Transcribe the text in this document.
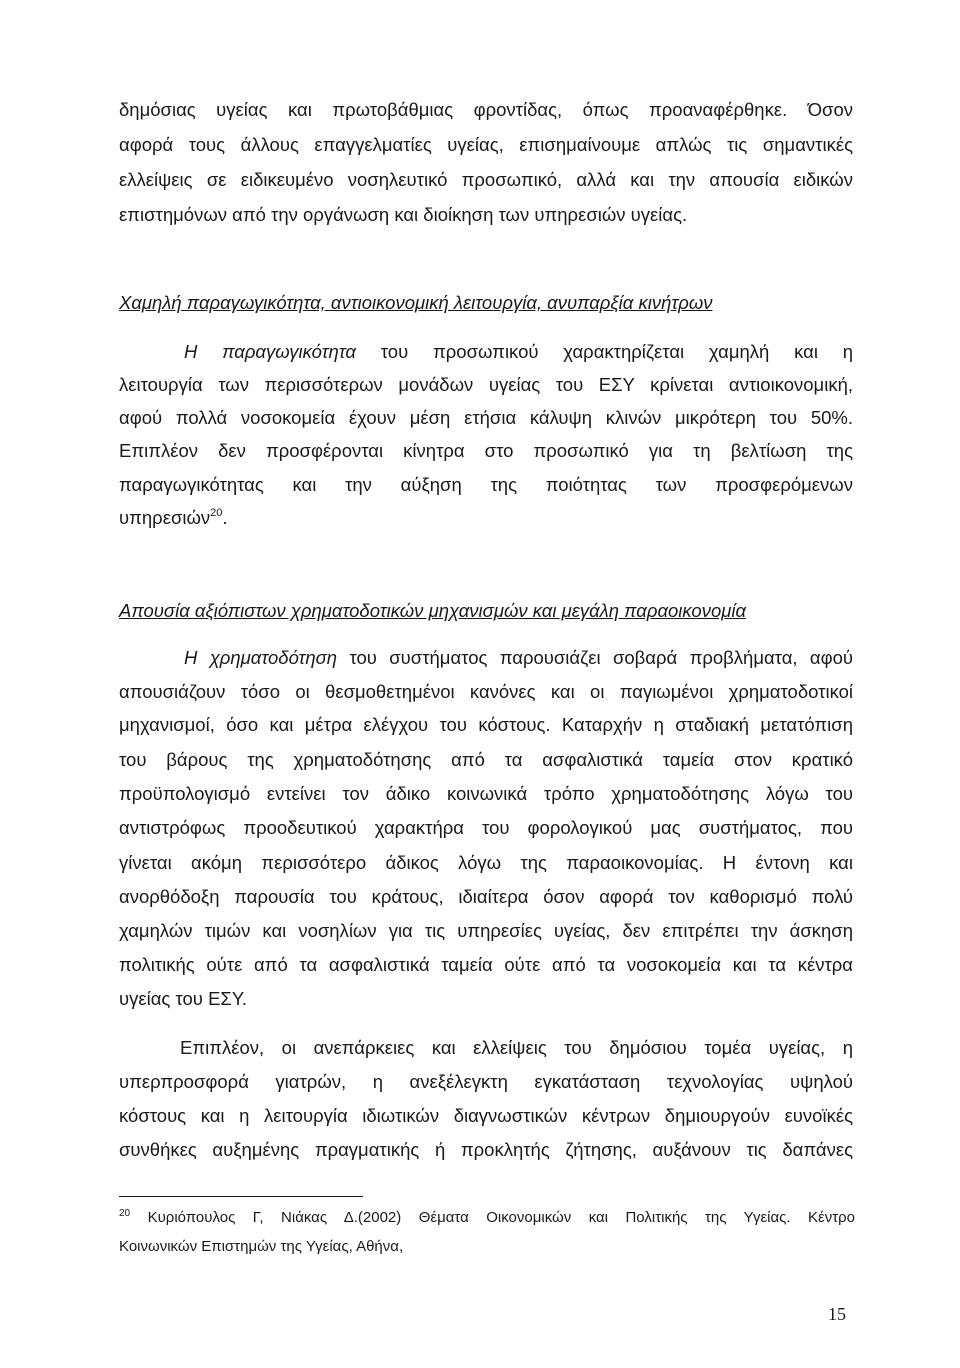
δημόσιας υγείας και πρωτοβάθμιας φροντίδας, όπως προαναφέρθηκε. Όσον
αφορά τους άλλους επαγγελματίες υγείας, επισημαίνουμε απλώς τις σημαντικές
ελλείψεις σε ειδικευμένο νοσηλευτικό προσωπικό, αλλά και την απουσία ειδικών
επιστημόνων από την οργάνωση και διοίκηση των υπηρεσιών υγείας.
Χαμηλή παραγωγικότητα, αντιοικονομική λειτουργία, ανυπαρξία κινήτρων
Η παραγωγικότητα του προσωπικού χαρακτηρίζεται χαμηλή και η
λειτουργία των περισσότερων μονάδων υγείας του ΕΣΥ κρίνεται αντιοικονομική,
αφού πολλά νοσοκομεία έχουν μέση ετήσια κάλυψη κλινών μικρότερη του 50%.
Επιπλέον δεν προσφέρονται κίνητρα στο προσωπικό για τη βελτίωση της
παραγωγικότητας και την αύξηση της ποιότητας των προσφερόμενων
υπηρεσιών$^{20}$.
Απουσία αξιόπιστων χρηματοδοτικών μηχανισμών και μεγάλη παραοικονομία
Η χρηματοδότηση του συστήματος παρουσιάζει σοβαρά προβλήματα, αφού
απουσιάζουν τόσο οι θεσμοθετημένοι κανόνες και οι παγιωμένοι χρηματοδοτικοί
μηχανισμοί, όσο και μέτρα ελέγχου του κόστους. Καταρχήν η σταδιακή μετατόπιση
του βάρους της χρηματοδότησης από τα ασφαλιστικά ταμεία στον κρατικό
προϋπολογισμό εντείνει τον άδικο κοινωνικά τρόπο χρηματοδότησης λόγω του
αντιστρόφως προοδευτικού χαρακτήρα του φορολογικού μας συστήματος, που
γίνεται ακόμη περισσότερο άδικος λόγω της παραοικονομίας. Η έντονη και
ανορθόδοξη παρουσία του κράτους, ιδιαίτερα όσον αφορά τον καθορισμό πολύ
χαμηλών τιμών και νοσηλίων για τις υπηρεσίες υγείας, δεν επιτρέπει την άσκηση
πολιτικής ούτε από τα ασφαλιστικά ταμεία ούτε από τα νοσοκομεία και τα κέντρα
υγείας του ΕΣΥ.
Επιπλέον, οι ανεπάρκειες και ελλείψεις του δημόσιου τομέα υγείας, η
υπερπροσφορά γιατρών, η ανεξέλεγκτη εγκατάσταση τεχνολογίας υψηλού
κόστους και η λειτουργία ιδιωτικών διαγνωστικών κέντρων δημιουργούν ευνοϊκές
συνθήκες αυξημένης πραγματικής ή προκλητής ζήτησης, αυξάνουν τις δαπάνες
$^{20}$ Κυριόπουλος Γ, Νιάκας Δ.(2002) Θέματα Οικονομικών και Πολιτικής της Υγείας. Κέντρο
Κοινωνικών Επιστημών της Υγείας, Αθήνα,
15
